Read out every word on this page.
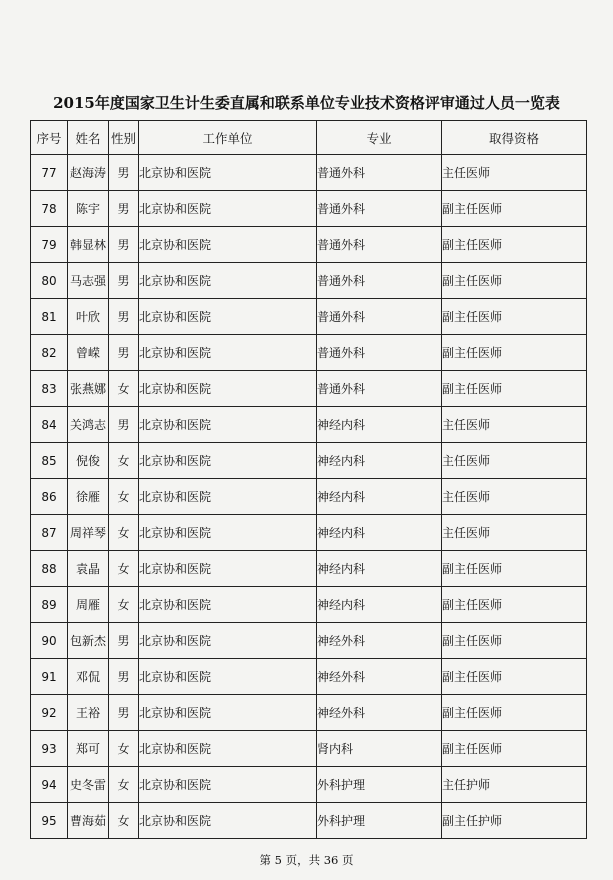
2015年度国家卫生计生委直属和联系单位专业技术资格评审通过人员一览表
序号	姓名	性别	工作单位	专业	取得资格
77	赵海涛	男	北京协和医院	普通外科	主任医师
78	陈宇	男	北京协和医院	普通外科	副主任医师
79	韩显林	男	北京协和医院	普通外科	副主任医师
80	马志强	男	北京协和医院	普通外科	副主任医师
81	叶欣	男	北京协和医院	普通外科	副主任医师
82	曾嵘	男	北京协和医院	普通外科	副主任医师
83	张燕娜	女	北京协和医院	普通外科	副主任医师
84	关鸿志	男	北京协和医院	神经内科	主任医师
85	倪俊	女	北京协和医院	神经内科	主任医师
86	徐雁	女	北京协和医院	神经内科	主任医师
87	周祥琴	女	北京协和医院	神经内科	主任医师
88	袁晶	女	北京协和医院	神经内科	副主任医师
89	周雁	女	北京协和医院	神经内科	副主任医师
90	包新杰	男	北京协和医院	神经外科	副主任医师
91	邓侃	男	北京协和医院	神经外科	副主任医师
92	王裕	男	北京协和医院	神经外科	副主任医师
93	郑可	女	北京协和医院	肾内科	副主任医师
94	史冬雷	女	北京协和医院	外科护理	主任护师
95	曹海茹	女	北京协和医院	外科护理	副主任护师
第 5 页，共 36 页
